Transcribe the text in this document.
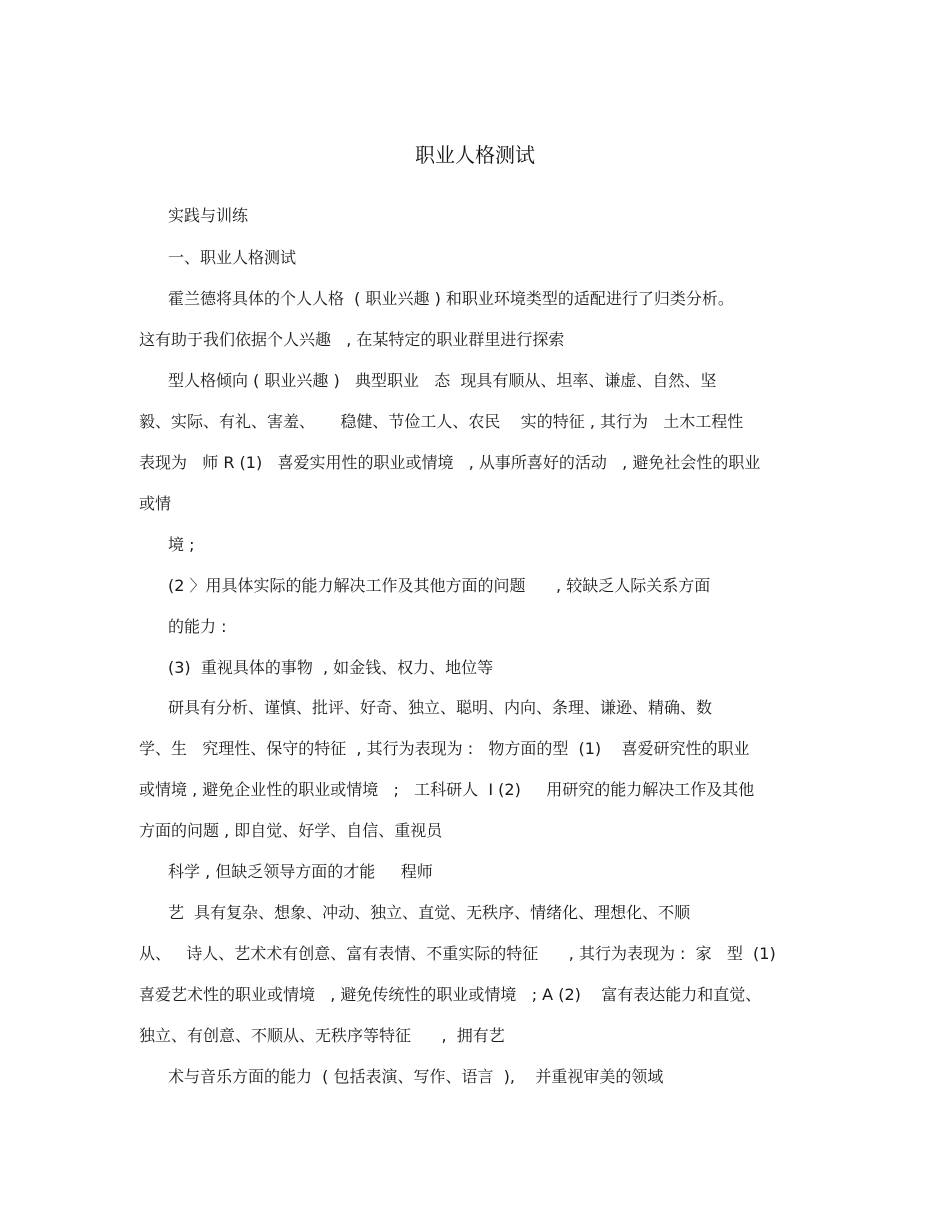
职业人格测试
实践与训练
一、职业人格测试
霍兰德将具体的个人人格  ( 职业兴趣 ) 和职业环境类型的适配进行了归类分析。
这有助于我们依据个人兴趣   , 在某特定的职业群里进行探索
型人格倾向 ( 职业兴趣 )   典型职业   态  现具有顺从、坦率、谦虚、自然、坚
毅、实际、有礼、害羞、     稳健、节俭工人、农民    实的特征 , 其行为   土木工程性
表现为   师 R (1)   喜爱实用性的职业或情境   , 从事所喜好的活动   , 避免社会性的职业
或情
境 ;
(2 〉用具体实际的能力解决工作及其他方面的问题      , 较缺乏人际关系方面
的能力 :
(3)  重视具体的事物  , 如金钱、权力、地位等
研具有分析、谨慎、批评、好奇、独立、聪明、内向、条理、谦逊、精确、数
学、生   究理性、保守的特征  , 其行为表现为 :   物方面的型  (1)    喜爱研究性的职业
或情境 , 避免企业性的职业或情境   ;   工科研人  I (2)     用研究的能力解决工作及其他
方面的问题 , 即自觉、好学、自信、重视员
科学 , 但缺乏领导方面的才能     程师
艺  具有复杂、想象、冲动、独立、直觉、无秩序、情绪化、理想化、不顺
从、   诗人、艺术术有创意、富有表情、不重实际的特征      , 其行为表现为 :  家   型  (1)
喜爱艺术性的职业或情境   , 避免传统性的职业或情境   ; A (2)    富有表达能力和直觉、
独立、有创意、不顺从、无秩序等特征      ,  拥有艺
术与音乐方面的能力  ( 包括表演、写作、语言  ),    并重视审美的领域
